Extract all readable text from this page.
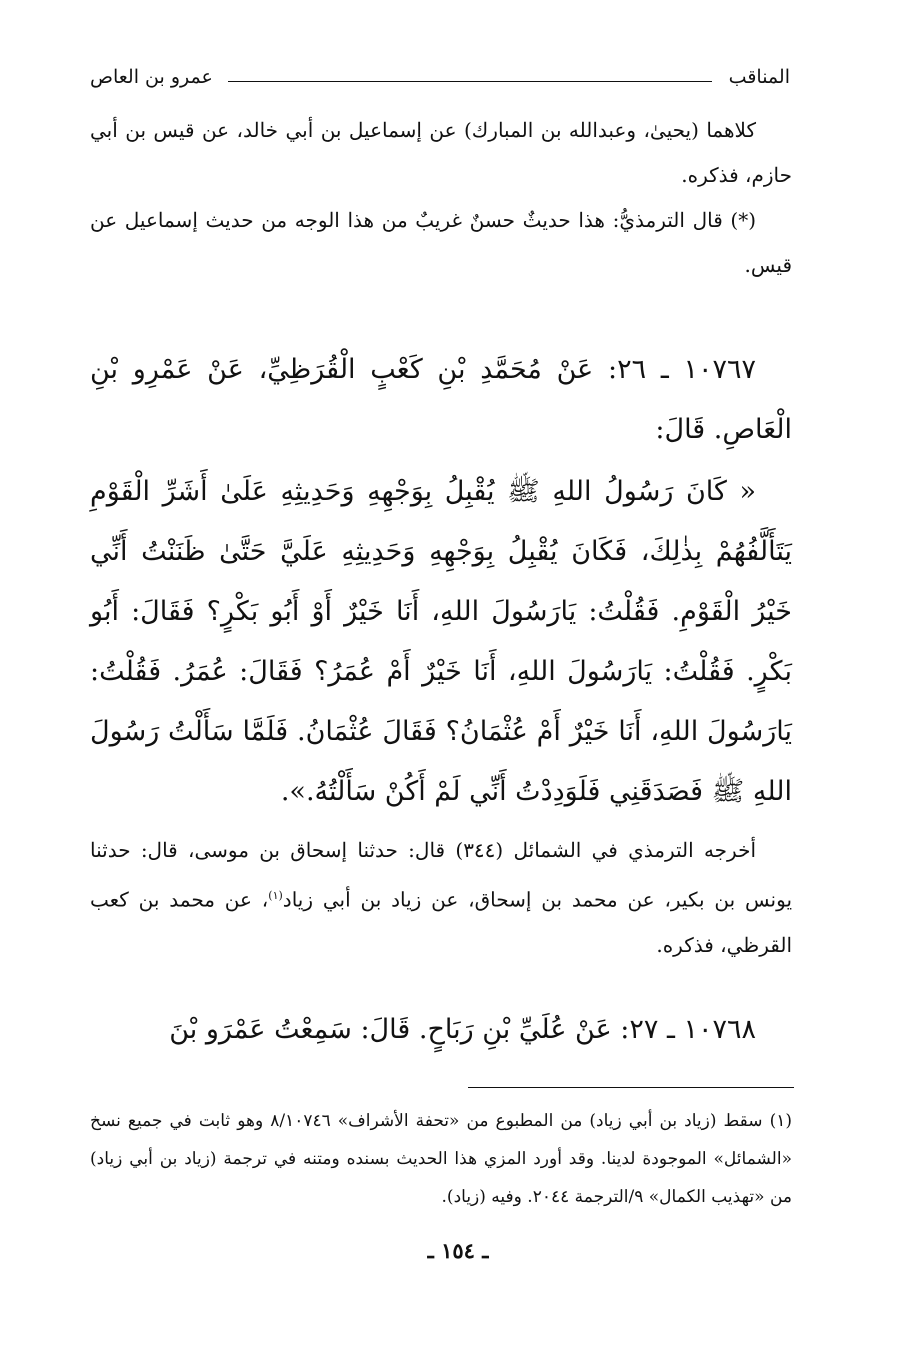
المناقب
عمرو بن العاص
كلاهما (يحيىٰ، وعبدالله بن المبارك) عن إسماعيل بن أبي خالد، عن قيس بن أبي حازم، فذكره.
(*) قال الترمذيُّ: هذا حديثٌ حسنٌ غريبٌ من هذا الوجه من حديث إسماعيل عن قيس.
١٠٧٦٧ ـ ٢٦: عَنْ مُحَمَّدِ بْنِ كَعْبٍ الْقُرَظِيِّ، عَنْ عَمْرِو بْنِ الْعَاصِ. قَالَ:
« كَانَ رَسُولُ اللهِ ﷺ يُقْبِلُ بِوَجْهِهِ وَحَدِيثِهِ عَلَىٰ أَشَرِّ الْقَوْمِ يَتَأَلَّفُهُمْ بِذٰلِكَ، فَكَانَ يُقْبِلُ بِوَجْهِهِ وَحَدِيثِهِ عَلَيَّ حَتَّىٰ ظَنَنْتُ أَنِّي خَيْرُ الْقَوْمِ. فَقُلْتُ: يَارَسُولَ اللهِ، أَنَا خَيْرٌ أَوْ أَبُو بَكْرٍ؟ فَقَالَ: أَبُو بَكْرٍ. فَقُلْتُ: يَارَسُولَ اللهِ، أَنَا خَيْرٌ أَمْ عُمَرُ؟ فَقَالَ: عُمَرُ. فَقُلْتُ: يَارَسُولَ اللهِ، أَنَا خَيْرٌ أَمْ عُثْمَانُ؟ فَقَالَ عُثْمَانُ. فَلَمَّا سَأَلْتُ رَسُولَ اللهِ ﷺ فَصَدَقَنِي فَلَوَدِدْتُ أَنِّي لَمْ أَكُنْ سَأَلْتُهُ.».
أخرجه الترمذي في الشمائل (٣٤٤) قال: حدثنا إسحاق بن موسى، قال: حدثنا يونس بن بكير، عن محمد بن إسحاق، عن زياد بن أبي زياد$^{(١)}$، عن محمد بن كعب القرظي، فذكره.
١٠٧٦٨ ـ ٢٧: عَنْ عُلَيِّ بْنِ رَبَاحٍ. قَالَ: سَمِعْتُ عَمْرَو بْنَ
(١) سقط (زياد بن أبي زياد) من المطبوع من «تحفة الأشراف» ٨/١٠٧٤٦ وهو ثابت في جميع نسخ «الشمائل» الموجودة لدينا. وقد أورد المزي هذا الحديث بسنده ومتنه في ترجمة (زياد بن أبي زياد) من «تهذيب الكمال» ٩/الترجمة ٢٠٤٤. وفيه (زياد).
ـ ١٥٤ ـ
